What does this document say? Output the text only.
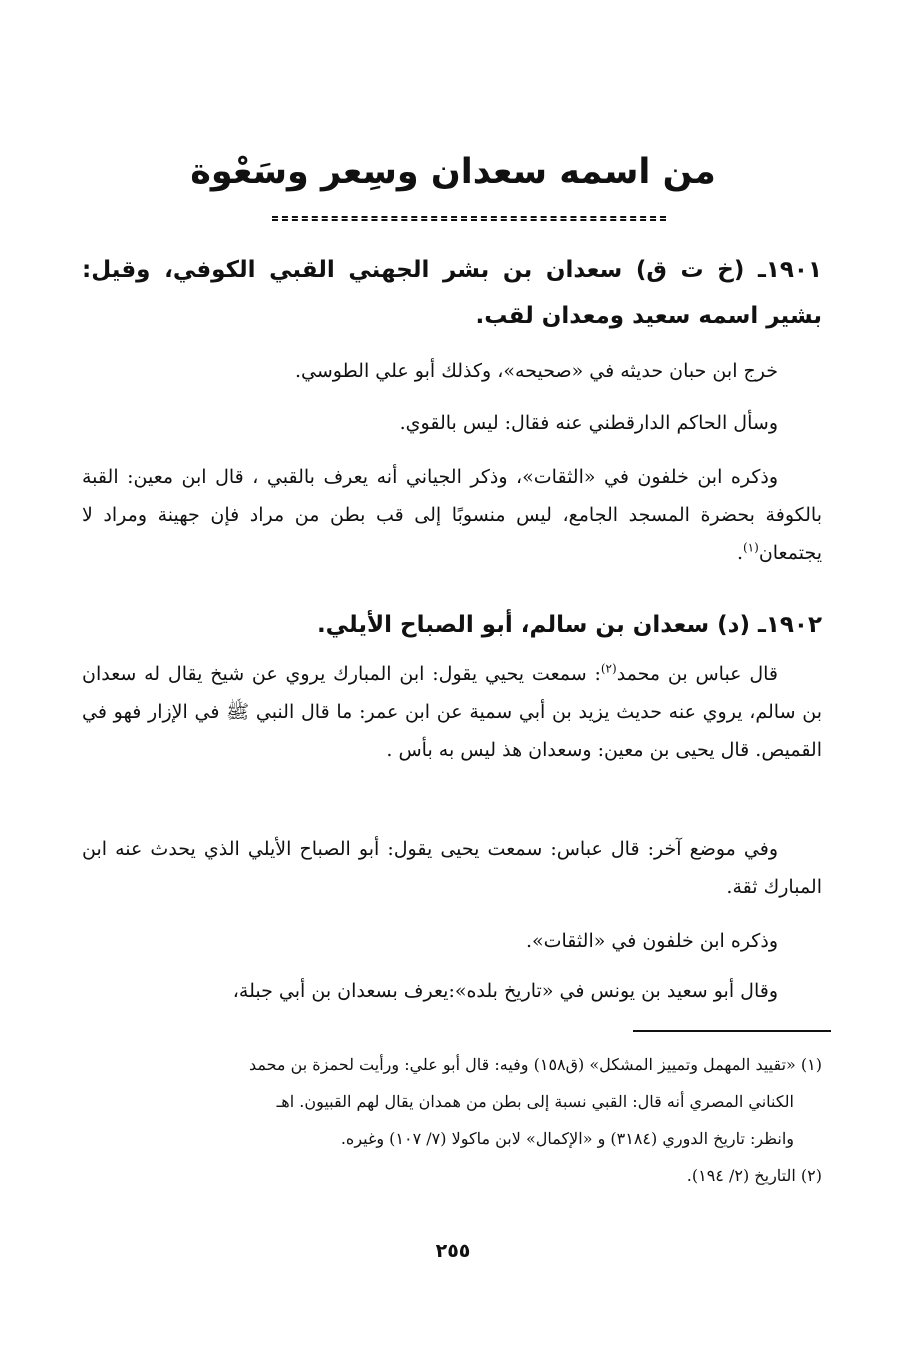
من اسمه سعدان وسِعر وسَعْوة
١٩٠١ـ (خ ت ق) سعدان بن بشر الجهني القبي الكوفي، وقيل: بشير اسمه سعيد ومعدان لقب.
خرج ابن حبان حديثه في «صحيحه»، وكذلك أبو علي الطوسي.
وسأل الحاكم الدارقطني عنه فقال: ليس بالقوي.
وذكره ابن خلفون في «الثقات»، وذكر الجياني أنه يعرف بالقبي ، قال ابن معين: القبة بالكوفة بحضرة المسجد الجامع، ليس منسوبًا إلى قب بطن من مراد فإن جهينة ومراد لا يجتمعان$^{(١)}$.
١٩٠٢ـ (د) سعدان بن سالم، أبو الصباح الأيلي.
قال عباس بن محمد$^{(٢)}$: سمعت يحيي يقول: ابن المبارك يروي عن شيخ يقال له سعدان بن سالم، يروي عنه حديث يزيد بن أبي سمية عن ابن عمر: ما قال النبي ﷺ في الإزار فهو في القميص. قال يحيى بن معين: وسعدان هذ ليس به بأس .
وفي موضع آخر: قال عباس: سمعت يحيى يقول: أبو الصباح الأيلي الذي يحدث عنه ابن المبارك ثقة.
وذكره ابن خلفون في «الثقات».
وقال أبو سعيد بن يونس في «تاريخ بلده»:يعرف بسعدان بن أبي جبلة،
(١) «تقييد المهمل وتمييز المشكل» (ق١٥٨) وفيه: قال أبو علي: ورأيت لحمزة بن محمد
الكناني المصري أنه قال: القبي نسبة إلى بطن من همدان يقال لهم القبيون. اهـ
وانظر: تاريخ الدوري (٣١٨٤) و «الإكمال» لابن ماكولا (٧/ ١٠٧) وغيره.
(٢) التاريخ (٢/ ١٩٤).
٢٥٥
